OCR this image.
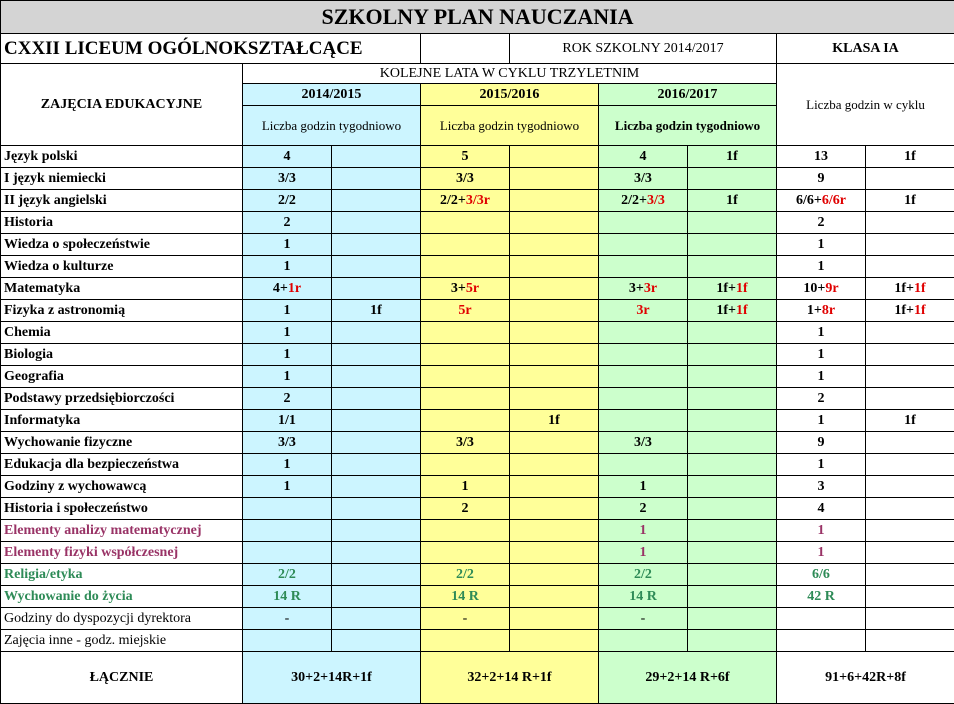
SZKOLNY PLAN NAUCZANIA								
CXXII LICEUM OGÓLNOKSZTAŁCĄCE				ROK SZKOLNY 2014/2017			KLASA IA	
ZAJĘCIA EDUKACYJNE	KOLEJNE LATA W CYKLU TRZYLETNIM						Liczba godzin w cyklu	
	2014/2015		2015/2016		2016/2017			
	Liczba godzin tygodniowo		Liczba godzin tygodniowo		Liczba godzin tygodniowo			
Język polski	4		5		4	1f	13	1f
I język niemiecki	3/3		3/3		3/3		9	
II język angielski	2/2		2/2+3/3r		2/2+3/3	1f	6/6+6/6r	1f
Historia	2						2	
Wiedza o społeczeństwie	1						1	
Wiedza o kulturze	1						1	
Matematyka	4+1r		3+5r		3+3r	1f+1f	10+9r	1f+1f
Fizyka z astronomią	1	1f	5r		3r	1f+1f	1+8r	1f+1f
Chemia	1						1	
Biologia	1						1	
Geografia	1						1	
Podstawy przedsiębiorczości	2						2	
Informatyka	1/1			1f			1	1f
Wychowanie fizyczne	3/3		3/3		3/3		9	
Edukacja dla bezpieczeństwa	1						1	
Godziny z wychowawcą	1		1		1		3	
Historia i społeczeństwo			2		2		4	
Elementy analizy matematycznej					1		1	
Elementy fizyki współczesnej					1		1	
Religia/etyka	2/2		2/2		2/2		6/6	
Wychowanie do życia	14 R		14 R		14 R		42 R	
Godziny do dyspozycji dyrektora	-		-		-			
Zajęcia inne - godz. miejskie								
ŁĄCZNIE	30+2+14R+1f		32+2+14 R+1f		29+2+14 R+6f		91+6+42R+8f	
